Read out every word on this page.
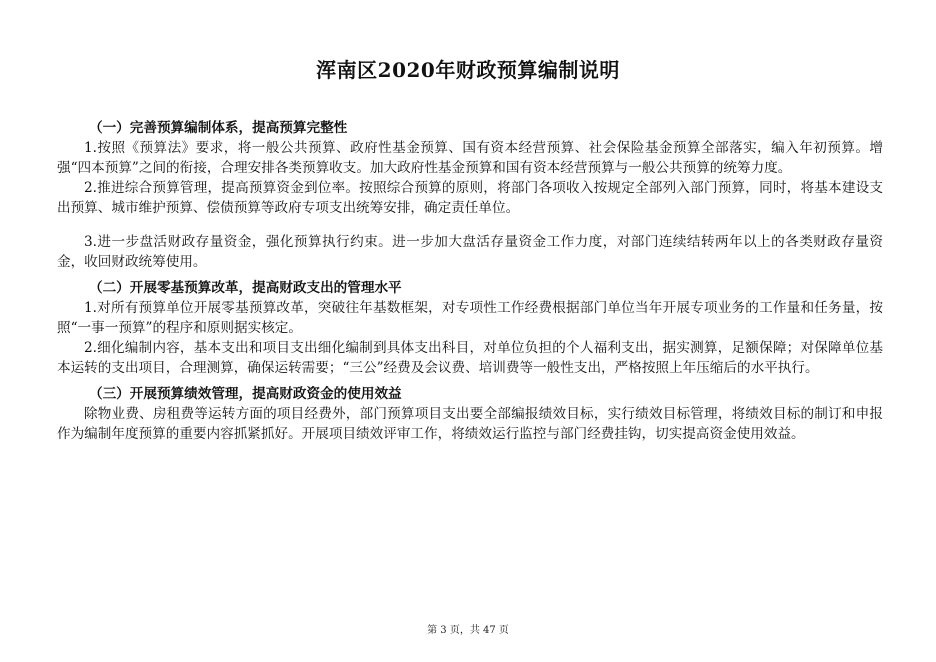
浑南区2020年财政预算编制说明

（一）完善预算编制体系，提高预算完整性

1.按照《预算法》要求，将一般公共预算、政府性基金预算、国有资本经营预算、社会保险基金预算全部落实，编入年初预算。增强“四本预算”之间的衔接，合理安排各类预算收支。加大政府性基金预算和国有资本经营预算与一般公共预算的统筹力度。

2.推进综合预算管理，提高预算资金到位率。按照综合预算的原则，将部门各项收入按规定全部列入部门预算，同时，将基本建设支出预算、城市维护预算、偿债预算等政府专项支出统筹安排，确定责任单位。

3.进一步盘活财政存量资金，强化预算执行约束。进一步加大盘活存量资金工作力度，对部门连续结转两年以上的各类财政存量资金，收回财政统筹使用。

（二）开展零基预算改革，提高财政支出的管理水平

1.对所有预算单位开展零基预算改革，突破往年基数框架，对专项性工作经费根据部门单位当年开展专项业务的工作量和任务量，按照“一事一预算”的程序和原则据实核定。

2.细化编制内容，基本支出和项目支出细化编制到具体支出科目，对单位负担的个人福利支出，据实测算，足额保障；对保障单位基本运转的支出项目，合理测算，确保运转需要；“三公”经费及会议费、培训费等一般性支出，严格按照上年压缩后的水平执行。

（三）开展预算绩效管理，提高财政资金的使用效益

除物业费、房租费等运转方面的项目经费外，部门预算项目支出要全部编报绩效目标，实行绩效目标管理，将绩效目标的制订和申报作为编制年度预算的重要内容抓紧抓好。开展项目绩效评审工作，将绩效运行监控与部门经费挂钩，切实提高资金使用效益。

第 3 页，共 47 页
